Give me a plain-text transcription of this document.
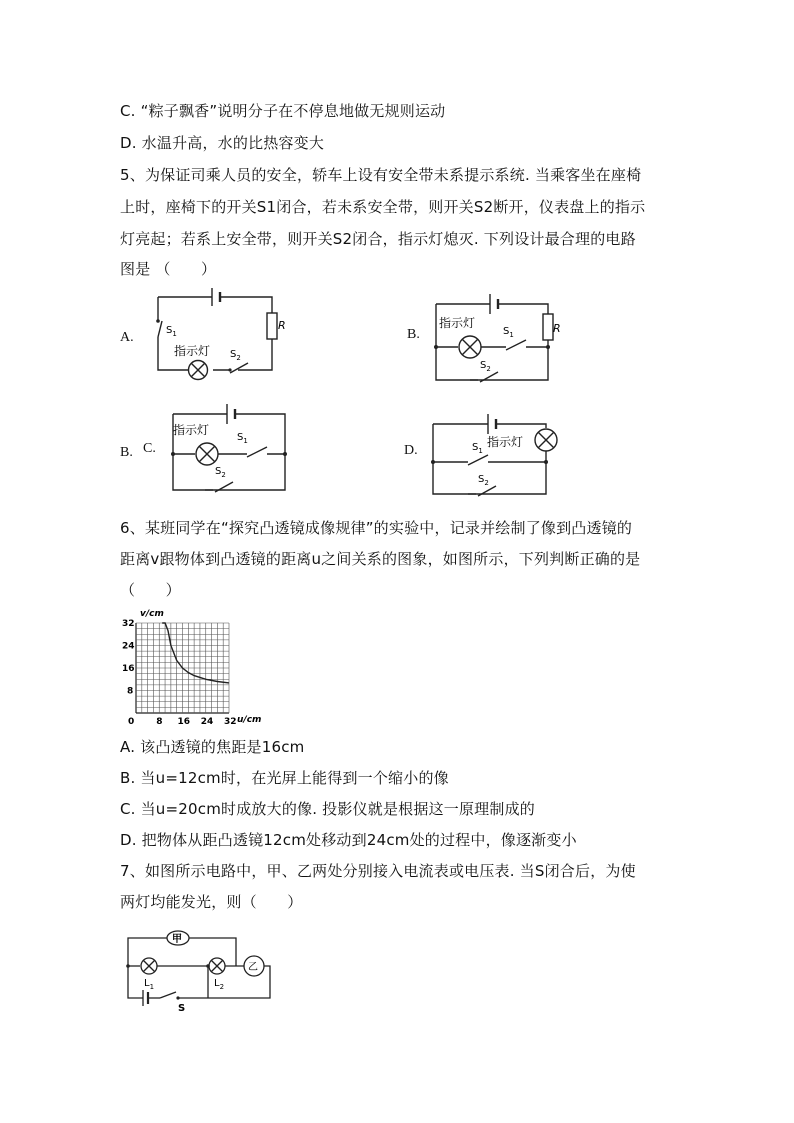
C. “粽子飘香”说明分子在不停息地做无规则运动
D. 水温升高，水的比热容变大
5、为保证司乘人员的安全，轿车上设有安全带未系提示系统. 当乘客坐在座椅
上时，座椅下的开关S1闭合，若未系安全带，则开关S2断开，仪表盘上的指示
灯亮起；若系上安全带，则开关S2闭合，指示灯熄灭. 下列设计最合理的电路
图是 （　　）
A.	$S_1$
R
指示灯 $S_2$
B.
指示灯
$S_1$	R
$S_2$
B. C.
指示灯
$S_1$
$S_2$
D.	$S_1$
指示灯
$S_2$
6、某班同学在“探究凸透镜成像规律”的实验中，记录并绘制了像到凸透镜的
距离v跟物体到凸透镜的距离u之间关系的图象，如图所示，下列判断正确的是
（　　）
0 8 16 24 32
8
16
24
32
v/cm
u/cm
A. 该凸透镜的焦距是16cm
B. 当u=12cm时，在光屏上能得到一个缩小的像
C. 当u=20cm时成放大的像. 投影仪就是根据这一原理制成的
D. 把物体从距凸透镜12cm处移动到24cm处的过程中，像逐渐变小
7、如图所示电路中，甲、乙两处分别接入电流表或电压表. 当S闭合后，为使
两灯均能发光，则（　　）
甲
乙
$L_1$	$L_2$
S
